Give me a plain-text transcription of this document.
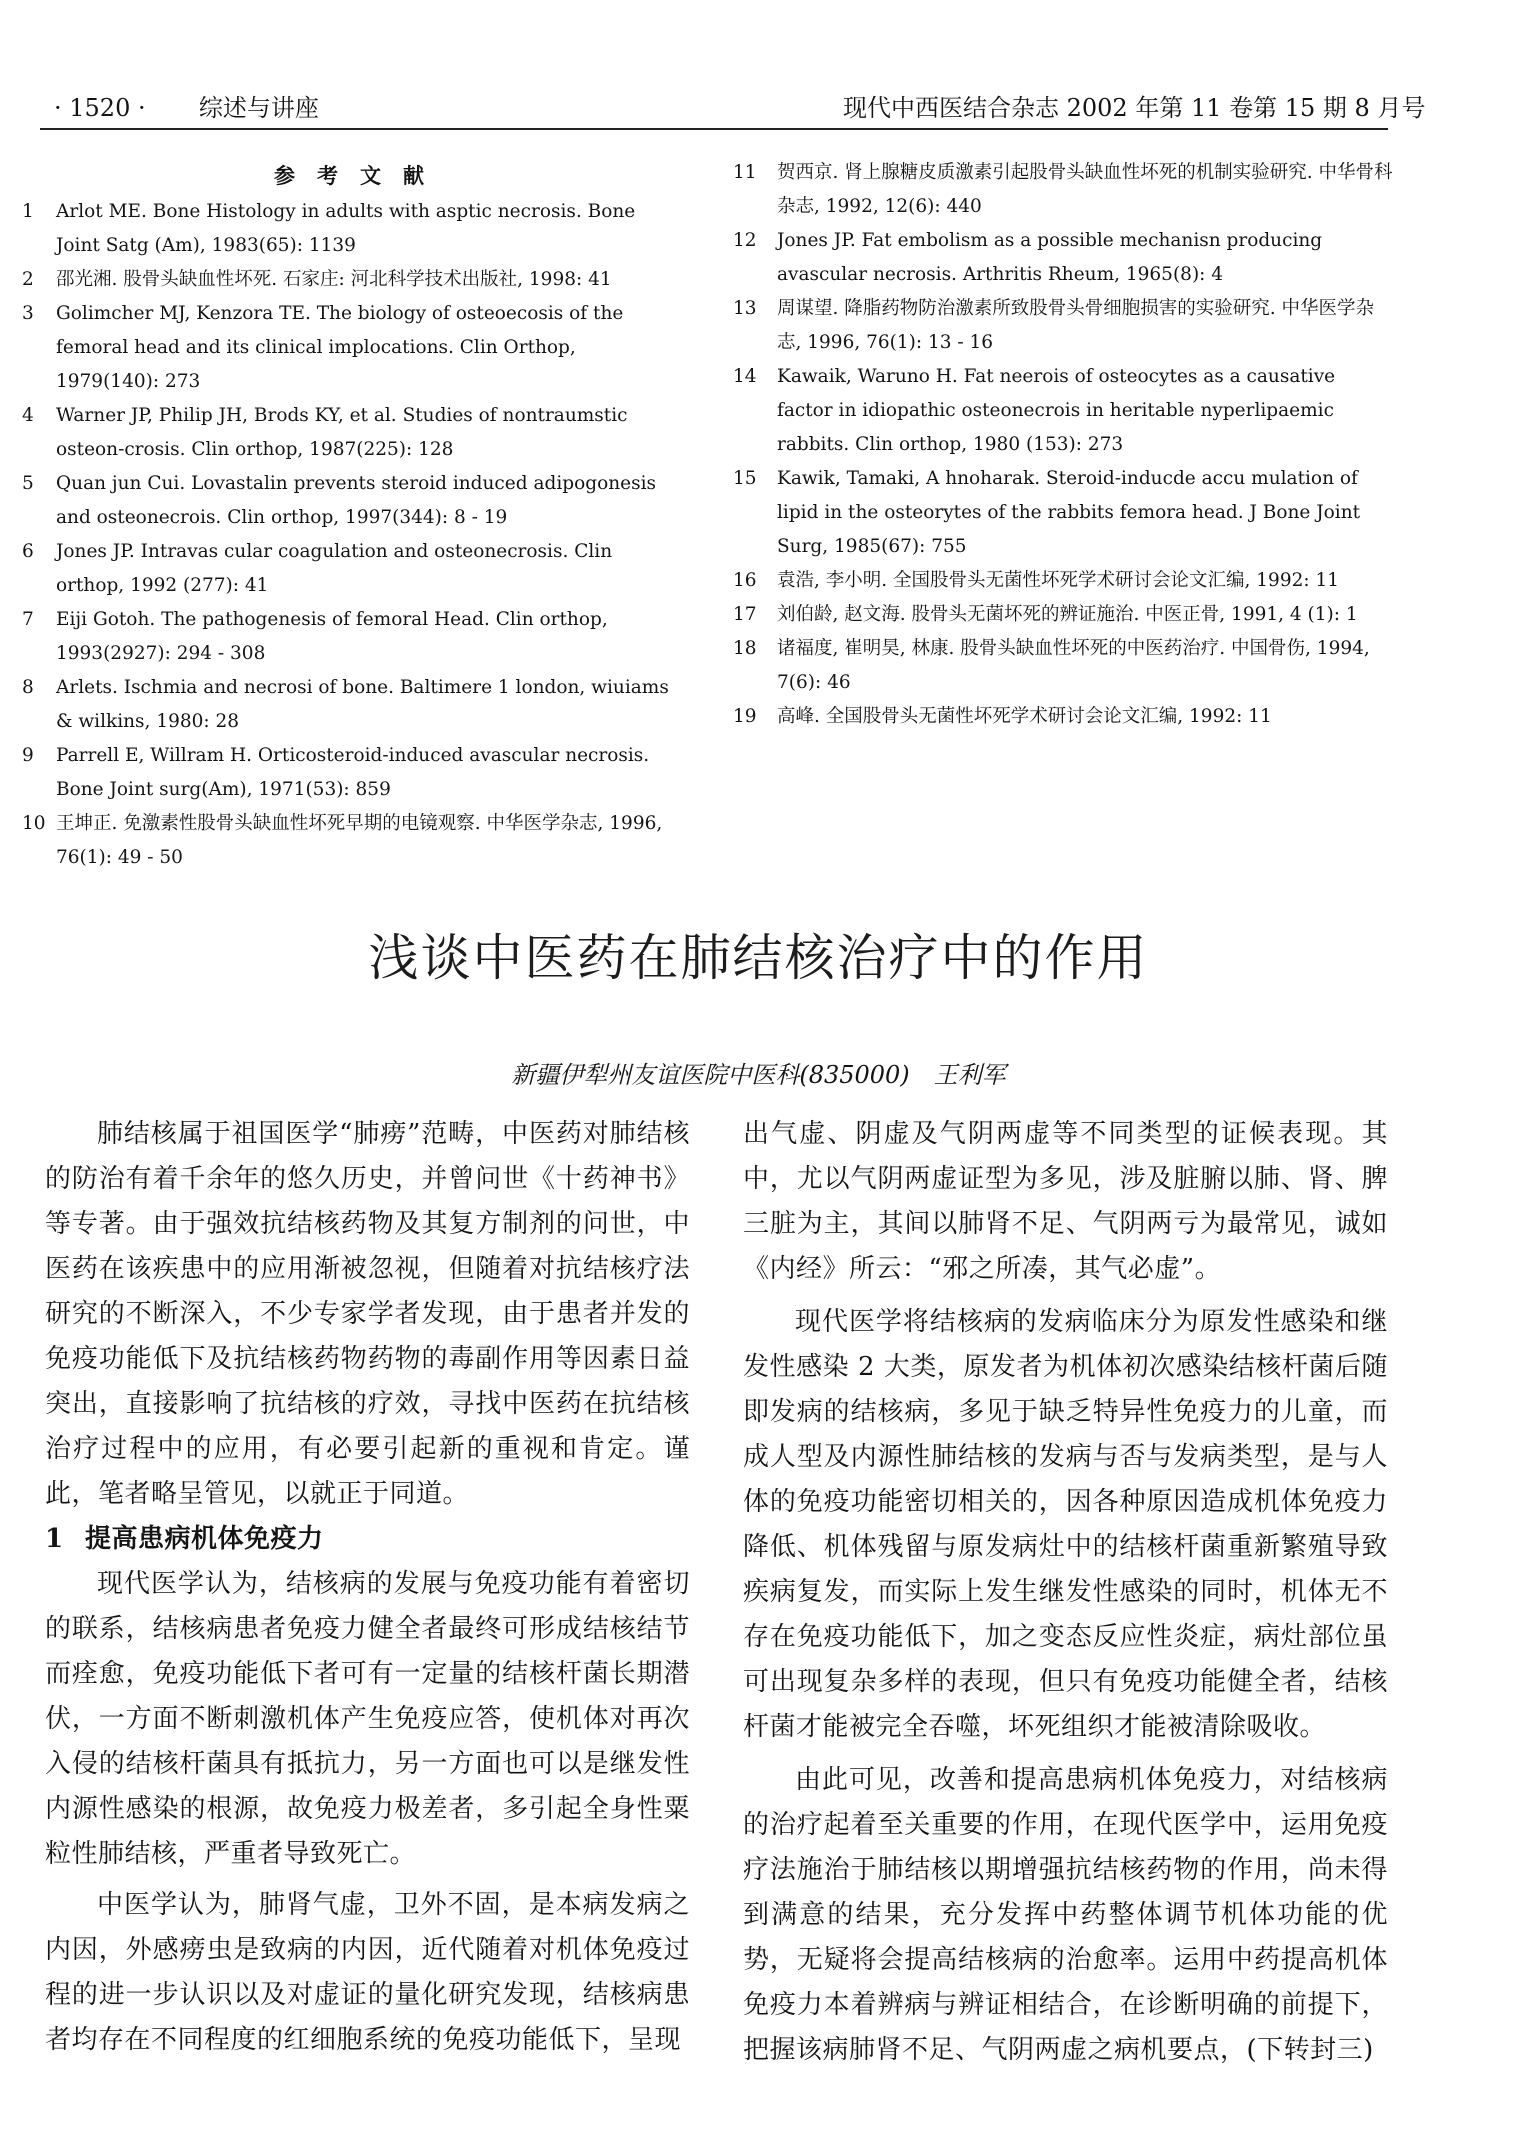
· 1520 · 综述与讲座	现代中西医结合杂志 2002 年第 11 卷第 15 期 8 月号
参考文献
1 Arlot ME. Bone Histology in adults with asptic necrosis. Bone Joint Satg (Am), 1983(65): 1139
2 邵光湘. 股骨头缺血性坏死. 石家庄: 河北科学技术出版社, 1998: 41
3 Golimcher MJ, Kenzora TE. The biology of osteoecosis of the femoral head and its clinical implocations. Clin Orthop, 1979(140): 273
4 Warner JP, Philip JH, Brods KY, et al. Studies of nontraumstic osteon-crosis. Clin orthop, 1987(225): 128
5 Quan jun Cui. Lovastalin prevents steroid induced adipogonesis and osteonecrois. Clin orthop, 1997(344): 8 - 19
6 Jones JP. Intravas cular coagulation and osteonecrosis. Clin orthop, 1992 (277): 41
7 Eiji Gotoh. The pathogenesis of femoral Head. Clin orthop, 1993(2927): 294 - 308
8 Arlets. Ischmia and necrosi of bone. Baltimere 1 london, wiuiams & wilkins, 1980: 28
9 Parrell E, Willram H. Orticosteroid-induced avascular necrosis. Bone Joint surg(Am), 1971(53): 859
10 王坤正. 免激素性股骨头缺血性坏死早期的电镜观察. 中华医学杂志, 1996, 76(1): 49 - 50
11 贺西京. 肾上腺糖皮质激素引起股骨头缺血性坏死的机制实验研究. 中华骨科杂志, 1992, 12(6): 440
12 Jones JP. Fat embolism as a possible mechanisn producing avascular necrosis. Arthritis Rheum, 1965(8): 4
13 周谋望. 降脂药物防治激素所致股骨头骨细胞损害的实验研究. 中华医学杂志, 1996, 76(1): 13 - 16
14 Kawaik, Waruno H. Fat neerois of osteocytes as a causative factor in idiopathic osteonecrois in heritable nyperlipaemic rabbits. Clin orthop, 1980 (153): 273
15 Kawik, Tamaki, A hnoharak. Steroid-inducde accu mulation of lipid in the osteorytes of the rabbits femora head. J Bone Joint Surg, 1985(67): 755
16 袁浩, 李小明. 全国股骨头无菌性坏死学术研讨会论文汇编, 1992: 11
17 刘伯龄, 赵文海. 股骨头无菌坏死的辨证施治. 中医正骨, 1991, 4 (1): 1
18 诸福度, 崔明昊, 林康. 股骨头缺血性坏死的中医药治疗. 中国骨伤, 1994, 7(6): 46
19 高峰. 全国股骨头无菌性坏死学术研讨会论文汇编, 1992: 11
浅谈中医药在肺结核治疗中的作用
新疆伊犁州友谊医院中医科(835000)　王利军

肺结核属于祖国医学“肺痨”范畴，中医药对肺结核的防治有着千余年的悠久历史，并曾问世《十药神书》等专著。由于强效抗结核药物及其复方制剂的问世，中医药在该疾患中的应用渐被忽视，但随着对抗结核疗法研究的不断深入，不少专家学者发现，由于患者并发的免疫功能低下及抗结核药物药物的毒副作用等因素日益突出，直接影响了抗结核的疗效，寻找中医药在抗结核治疗过程中的应用，有必要引起新的重视和肯定。谨此，笔者略呈管见，以就正于同道。

1 提高患病机体免疫力

现代医学认为，结核病的发展与免疫功能有着密切的联系，结核病患者免疫力健全者最终可形成结核结节而痊愈，免疫功能低下者可有一定量的结核杆菌长期潜伏，一方面不断刺激机体产生免疫应答，使机体对再次入侵的结核杆菌具有抵抗力，另一方面也可以是继发性内源性感染的根源，故免疫力极差者，多引起全身性粟粒性肺结核，严重者导致死亡。

中医学认为，肺肾气虚，卫外不固，是本病发病之内因，外感痨虫是致病的内因，近代随着对机体免疫过程的进一步认识以及对虚证的量化研究发现，结核病患者均存在不同程度的红细胞系统的免疫功能低下，呈现

出气虚、阴虚及气阴两虚等不同类型的证候表现。其中，尤以气阴两虚证型为多见，涉及脏腑以肺、肾、脾三脏为主，其间以肺肾不足、气阴两亏为最常见，诚如《内经》所云：“邪之所凑，其气必虚”。

现代医学将结核病的发病临床分为原发性感染和继发性感染 2 大类，原发者为机体初次感染结核杆菌后随即发病的结核病，多见于缺乏特异性免疫力的儿童，而成人型及内源性肺结核的发病与否与发病类型，是与人体的免疫功能密切相关的，因各种原因造成机体免疫力降低、机体残留与原发病灶中的结核杆菌重新繁殖导致疾病复发，而实际上发生继发性感染的同时，机体无不存在免疫功能低下，加之变态反应性炎症，病灶部位虽可出现复杂多样的表现，但只有免疫功能健全者，结核杆菌才能被完全吞噬，坏死组织才能被清除吸收。

由此可见，改善和提高患病机体免疫力，对结核病的治疗起着至关重要的作用，在现代医学中，运用免疫疗法施治于肺结核以期增强抗结核药物的作用，尚未得到满意的结果，充分发挥中药整体调节机体功能的优势，无疑将会提高结核病的治愈率。运用中药提高机体免疫力本着辨病与辨证相结合，在诊断明确的前提下，把握该病肺肾不足、气阴两虚之病机要点，(下转封三)
